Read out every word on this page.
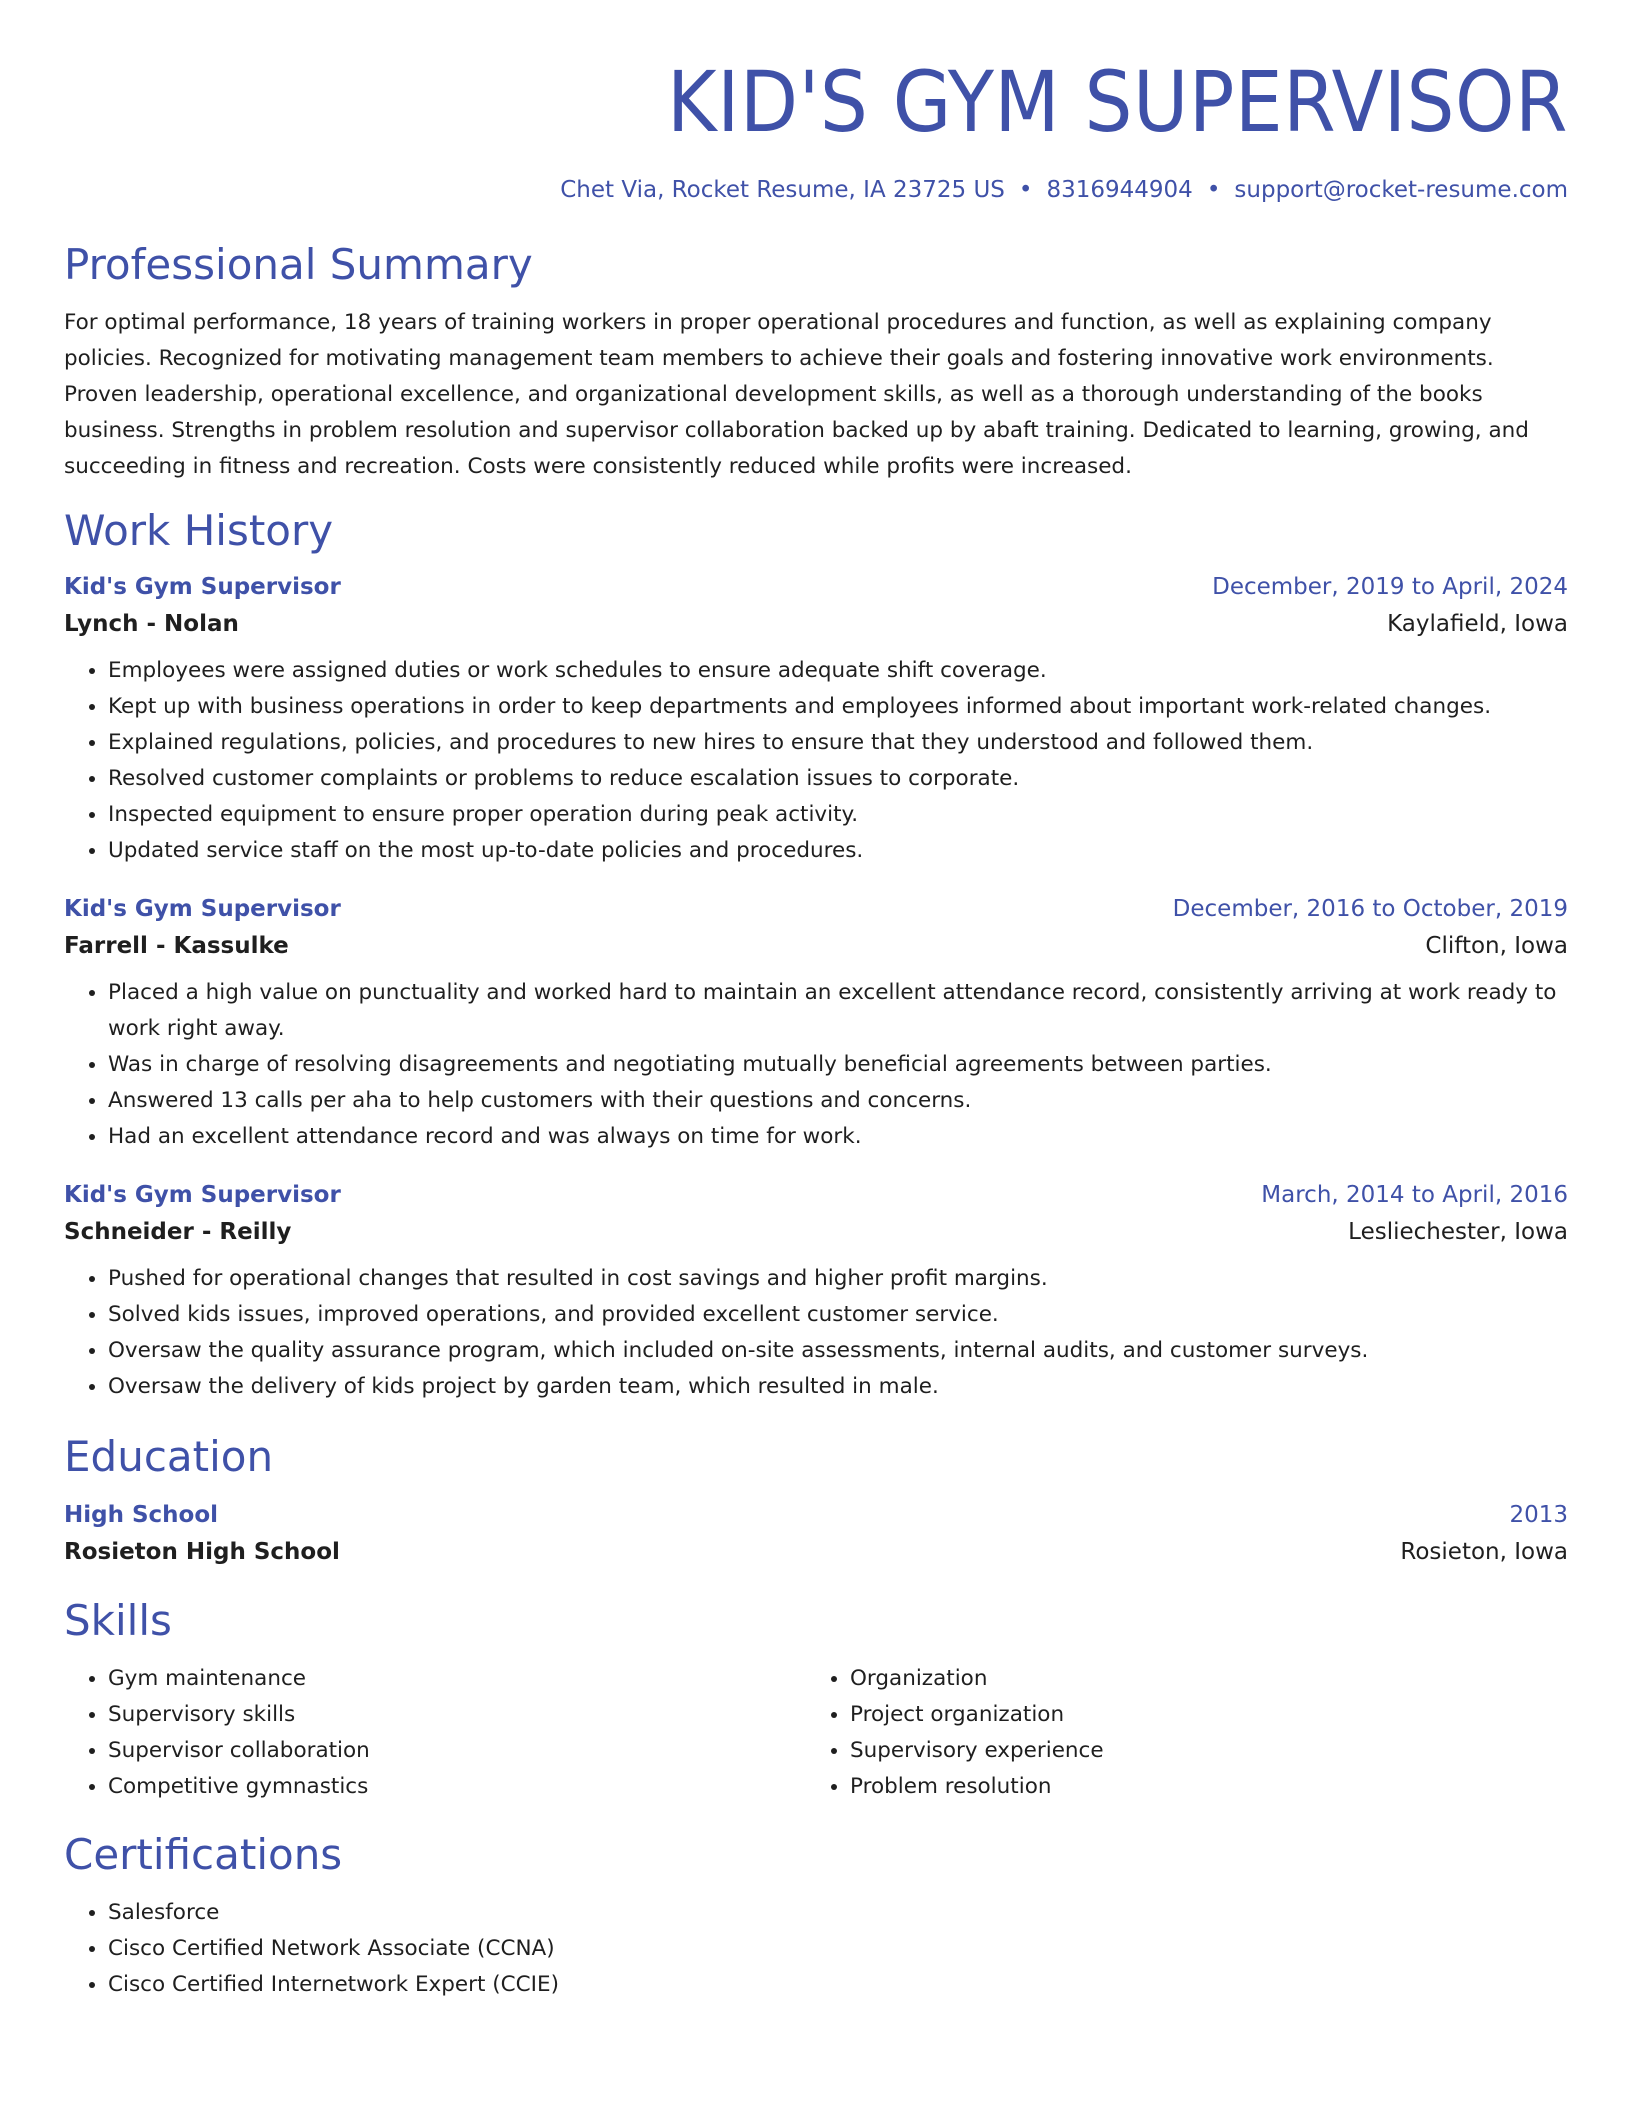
KID'S GYM SUPERVISOR
Chet Via, Rocket Resume, IA 23725 US • 8316944904 • support@rocket-resume.com
Professional Summary

For optimal performance, 18 years of training workers in proper operational procedures and function, as well as explaining company policies. Recognized for motivating management team members to achieve their goals and fostering innovative work environments. Proven leadership, operational excellence, and organizational development skills, as well as a thorough understanding of the books business. Strengths in problem resolution and supervisor collaboration backed up by abaft training. Dedicated to learning, growing, and succeeding in fitness and recreation. Costs were consistently reduced while profits were increased.

Work History
Kid's Gym Supervisor	December, 2019 to April, 2024
Lynch - Nolan	Kaylafield, Iowa
• Employees were assigned duties or work schedules to ensure adequate shift coverage.
• Kept up with business operations in order to keep departments and employees informed about important work-related changes.
• Explained regulations, policies, and procedures to new hires to ensure that they understood and followed them.
• Resolved customer complaints or problems to reduce escalation issues to corporate.
• Inspected equipment to ensure proper operation during peak activity.
• Updated service staff on the most up-to-date policies and procedures.
Kid's Gym Supervisor	December, 2016 to October, 2019
Farrell - Kassulke	Clifton, Iowa
• Placed a high value on punctuality and worked hard to maintain an excellent attendance record, consistently arriving at work ready to work right away.
• Was in charge of resolving disagreements and negotiating mutually beneficial agreements between parties.
• Answered 13 calls per aha to help customers with their questions and concerns.
• Had an excellent attendance record and was always on time for work.
Kid's Gym Supervisor	March, 2014 to April, 2016
Schneider - Reilly	Lesliechester, Iowa
• Pushed for operational changes that resulted in cost savings and higher profit margins.
• Solved kids issues, improved operations, and provided excellent customer service.
• Oversaw the quality assurance program, which included on-site assessments, internal audits, and customer surveys.
• Oversaw the delivery of kids project by garden team, which resulted in male.
Education
High School	2013
Rosieton High School	Rosieton, Iowa
Skills
• Gym maintenance
• Supervisory skills
• Supervisor collaboration
• Competitive gymnastics
• Organization
• Project organization
• Supervisory experience
• Problem resolution
Certifications
• Salesforce
• Cisco Certified Network Associate (CCNA)
• Cisco Certified Internetwork Expert (CCIE)
